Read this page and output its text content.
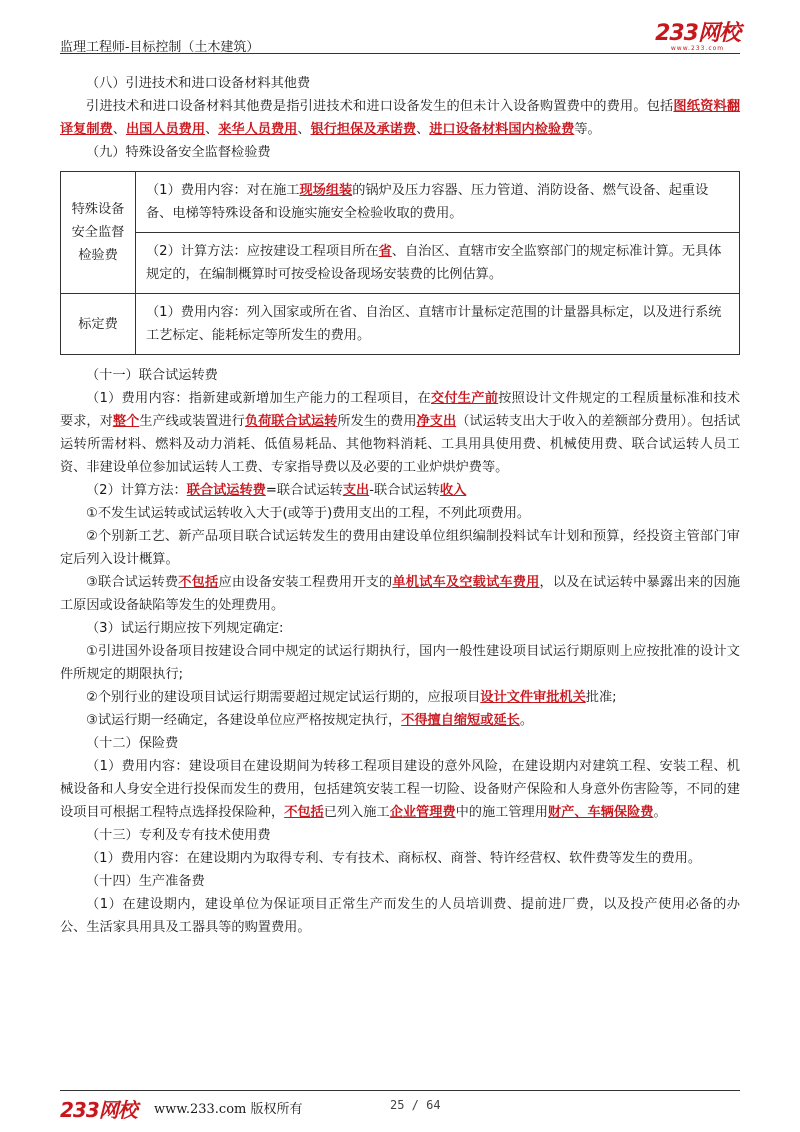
监理工程师-目标控制（土木建筑）
233网校
www.233.com

（八）引进技术和进口设备材料其他费

引进技术和进口设备材料其他费是指引进技术和进口设备发生的但未计入设备购置费中的费用。包括图纸资料翻译复制费、出国人员费用、来华人员费用、银行担保及承诺费、进口设备材料国内检验费等。

（九）特殊设备安全监督检验费

特殊设备安全监督检验费	（1）费用内容：对在施工现场组装的锅炉及压力容器、压力管道、消防设备、燃气设备、起重设备、电梯等特殊设备和设施实施安全检验收取的费用。
	（2）计算方法：应按建设工程项目所在省、自治区、直辖市安全监察部门的规定标准计算。无具体规定的，在编制概算时可按受检设备现场安装费的比例估算。
标定费	（1）费用内容：列入国家或所在省、自治区、直辖市计量标定范围的计量器具标定，以及进行系统工艺标定、能耗标定等所发生的费用。

（十一）联合试运转费

（1）费用内容：指新建或新增加生产能力的工程项目，在交付生产前按照设计文件规定的工程质量标准和技术要求，对整个生产线或装置进行负荷联合试运转所发生的费用净支出（试运转支出大于收入的差额部分费用）。包括试运转所需材料、燃料及动力消耗、低值易耗品、其他物料消耗、工具用具使用费、机械使用费、联合试运转人员工资、非建设单位参加试运转人工费、专家指导费以及必要的工业炉烘炉费等。

（2）计算方法：联合试运转费=联合试运转支出-联合试运转收入

①不发生试运转或试运转收入大于(或等于)费用支出的工程，不列此项费用。

②个别新工艺、新产品项目联合试运转发生的费用由建设单位组织编制投料试车计划和预算，经投资主管部门审定后列入设计概算。

③联合试运转费不包括应由设备安装工程费用开支的单机试车及空载试车费用，以及在试运转中暴露出来的因施工原因或设备缺陷等发生的处理费用。

（3）试运行期应按下列规定确定:

①引进国外设备项目按建设合同中规定的试运行期执行，国内一般性建设项目试运行期原则上应按批准的设计文件所规定的期限执行;

②个别行业的建设项目试运行期需要超过规定试运行期的，应报项目设计文件审批机关批准;

③试运行期一经确定，各建设单位应严格按规定执行，不得擅自缩短或延长。

（十二）保险费

（1）费用内容：建设项目在建设期间为转移工程项目建设的意外风险，在建设期内对建筑工程、安装工程、机械设备和人身安全进行投保而发生的费用，包括建筑安装工程一切险、设备财产保险和人身意外伤害险等，不同的建设项目可根据工程特点选择投保险种，不包括已列入施工企业管理费中的施工管理用财产、车辆保险费。

（十三）专利及专有技术使用费

（1）费用内容：在建设期内为取得专利、专有技术、商标权、商誉、特许经营权、软件费等发生的费用。

（十四）生产准备费

（1）在建设期内，建设单位为保证项目正常生产而发生的人员培训费、提前进厂费，以及投产使用必备的办公、生活家具用具及工器具等的购置费用。

233网校 www.233.com 版权所有	25 / 64
